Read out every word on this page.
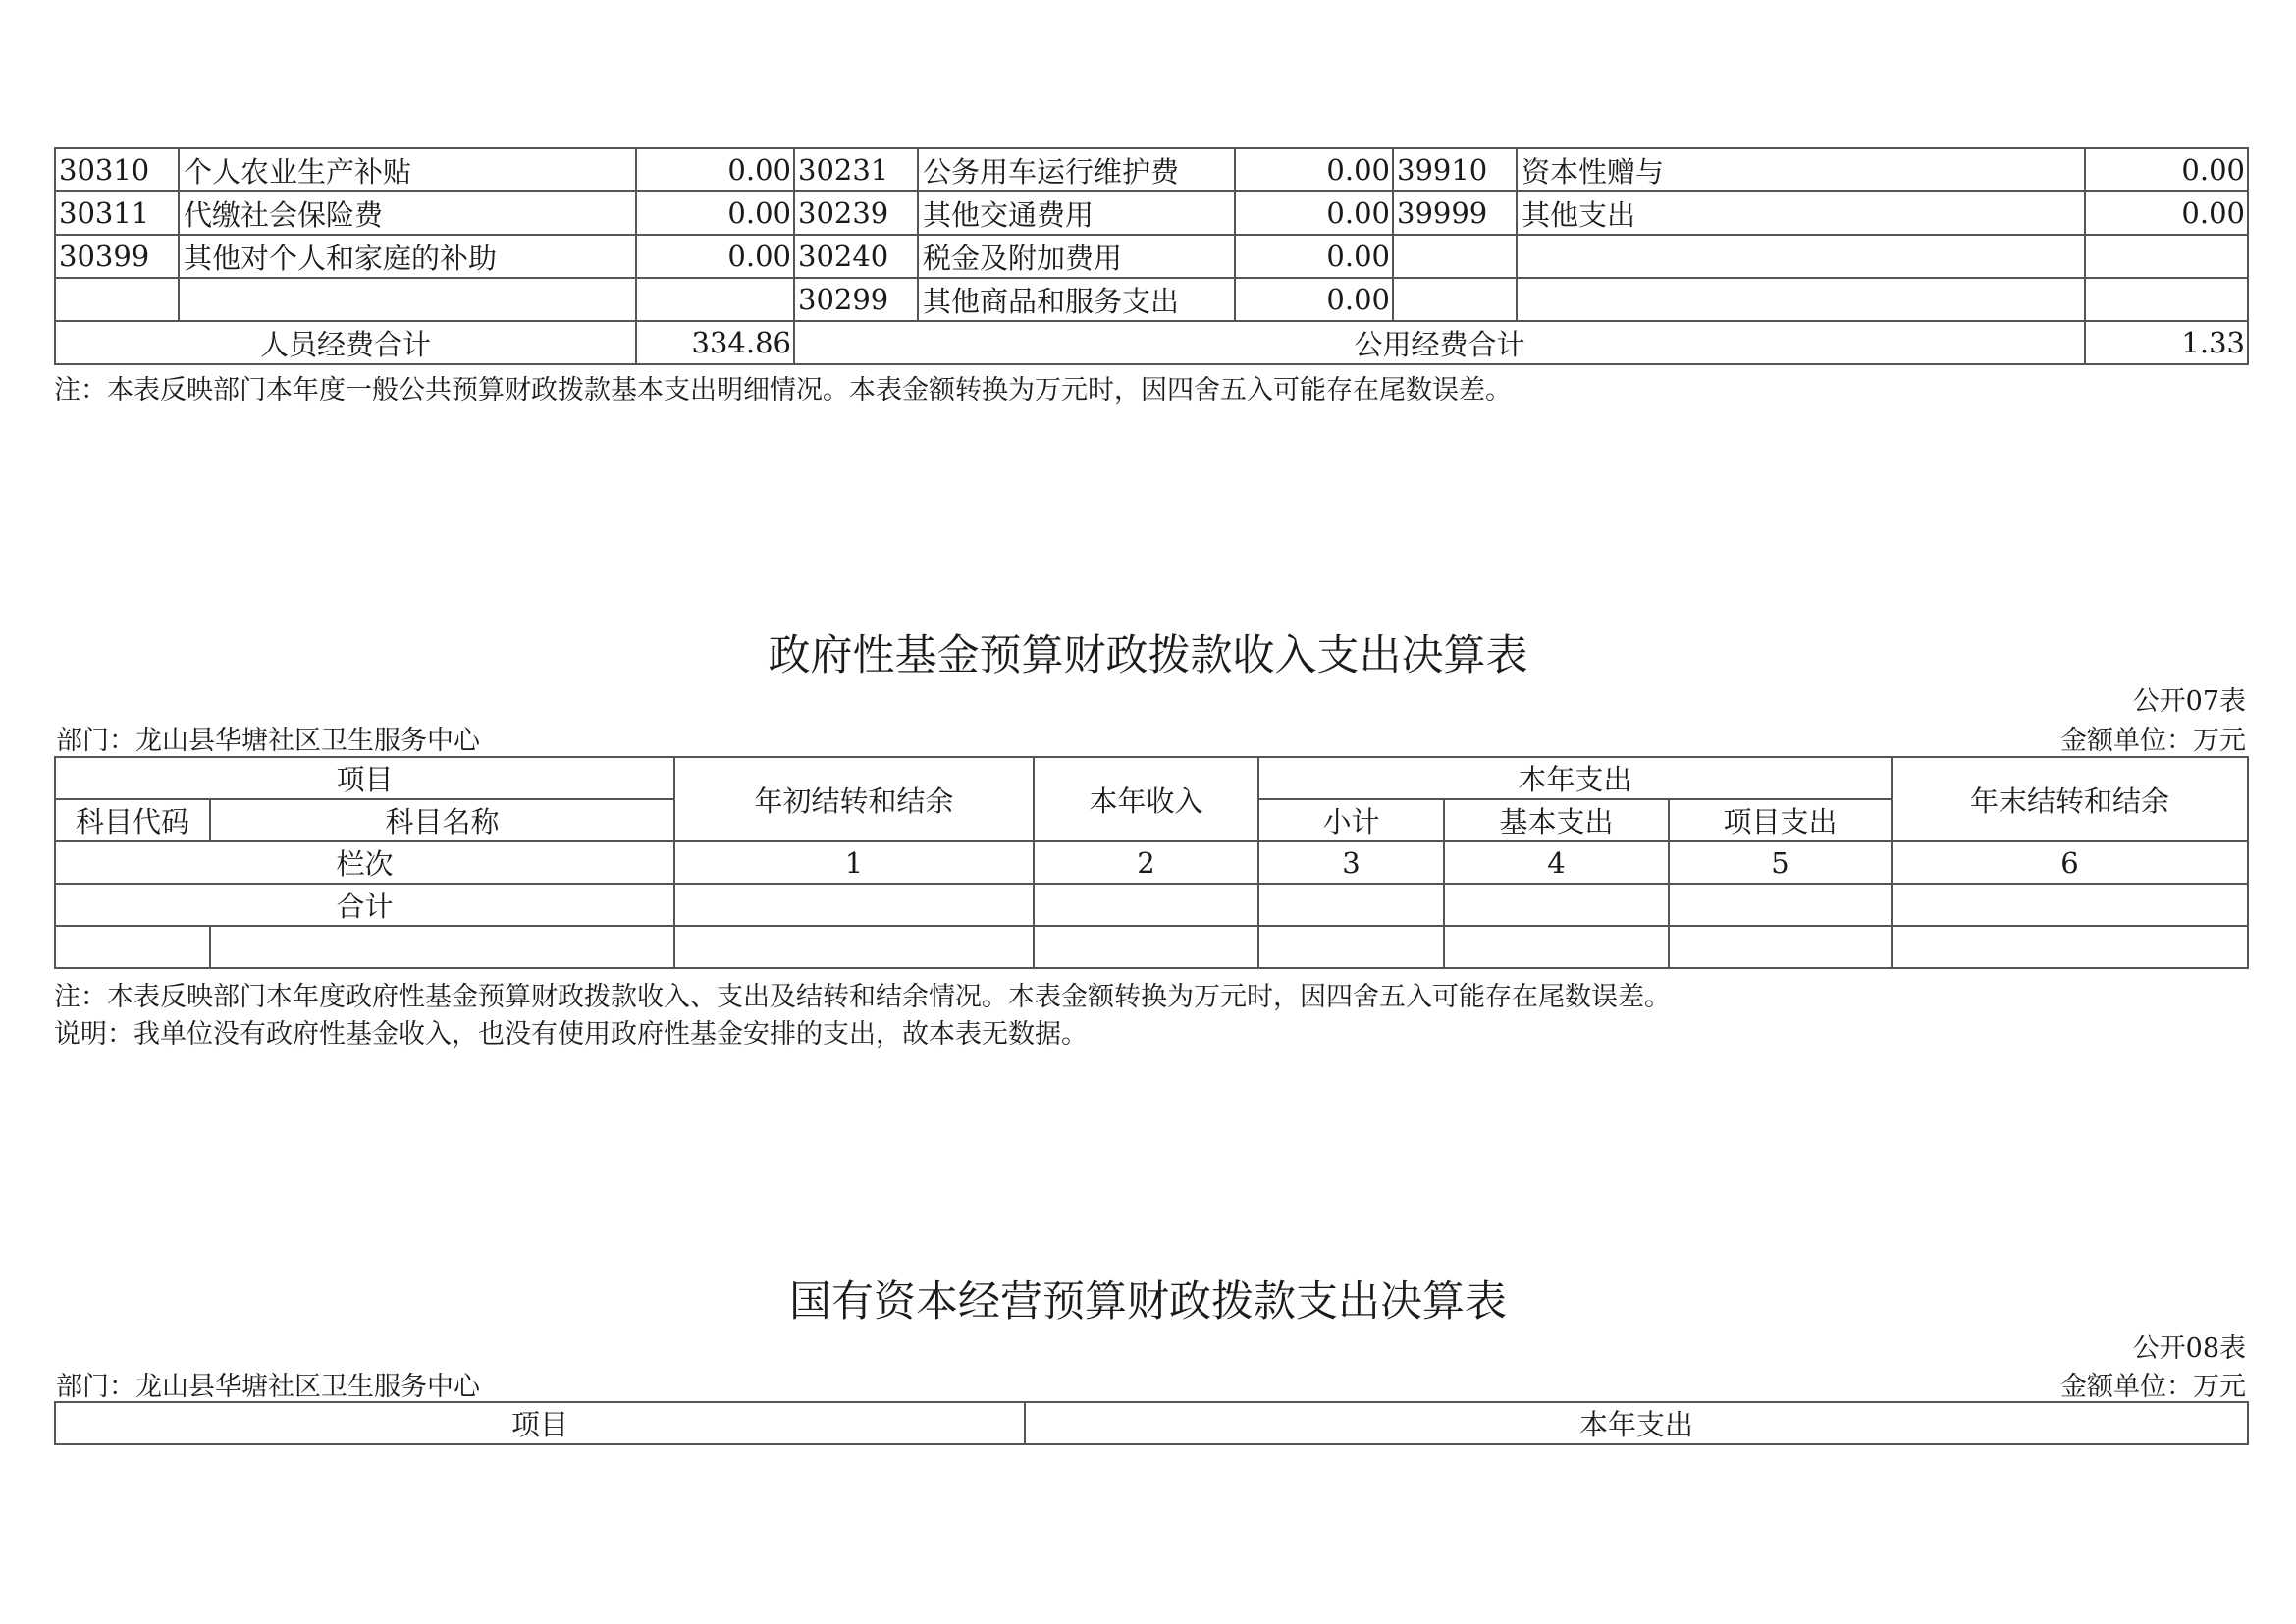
30310	个人农业生产补贴	0.00	30231	公务用车运行维护费	0.00	39910	资本性赠与	0.00
30311	代缴社会保险费	0.00	30239	其他交通费用	0.00	39999	其他支出	0.00
30399	其他对个人和家庭的补助	0.00	30240	税金及附加费用	0.00			
			30299	其他商品和服务支出	0.00			
人员经费合计		334.86	公用经费合计					1.33
注：本表反映部门本年度一般公共预算财政拨款基本支出明细情况。本表金额转换为万元时，因四舍五入可能存在尾数误差。
政府性基金预算财政拨款收入支出决算表
公开07表
部门：龙山县华塘社区卫生服务中心	金额单位：万元
项目		年初结转和结余	本年收入	本年支出			年末结转和结余
科目代码	科目名称			小计	基本支出	项目支出	
栏次		1	2	3	4	5	6
合计							

注：本表反映部门本年度政府性基金预算财政拨款收入、支出及结转和结余情况。本表金额转换为万元时，因四舍五入可能存在尾数误差。
说明：我单位没有政府性基金收入，也没有使用政府性基金安排的支出，故本表无数据。
国有资本经营预算财政拨款支出决算表
公开08表
部门：龙山县华塘社区卫生服务中心	金额单位：万元
项目	本年支出
